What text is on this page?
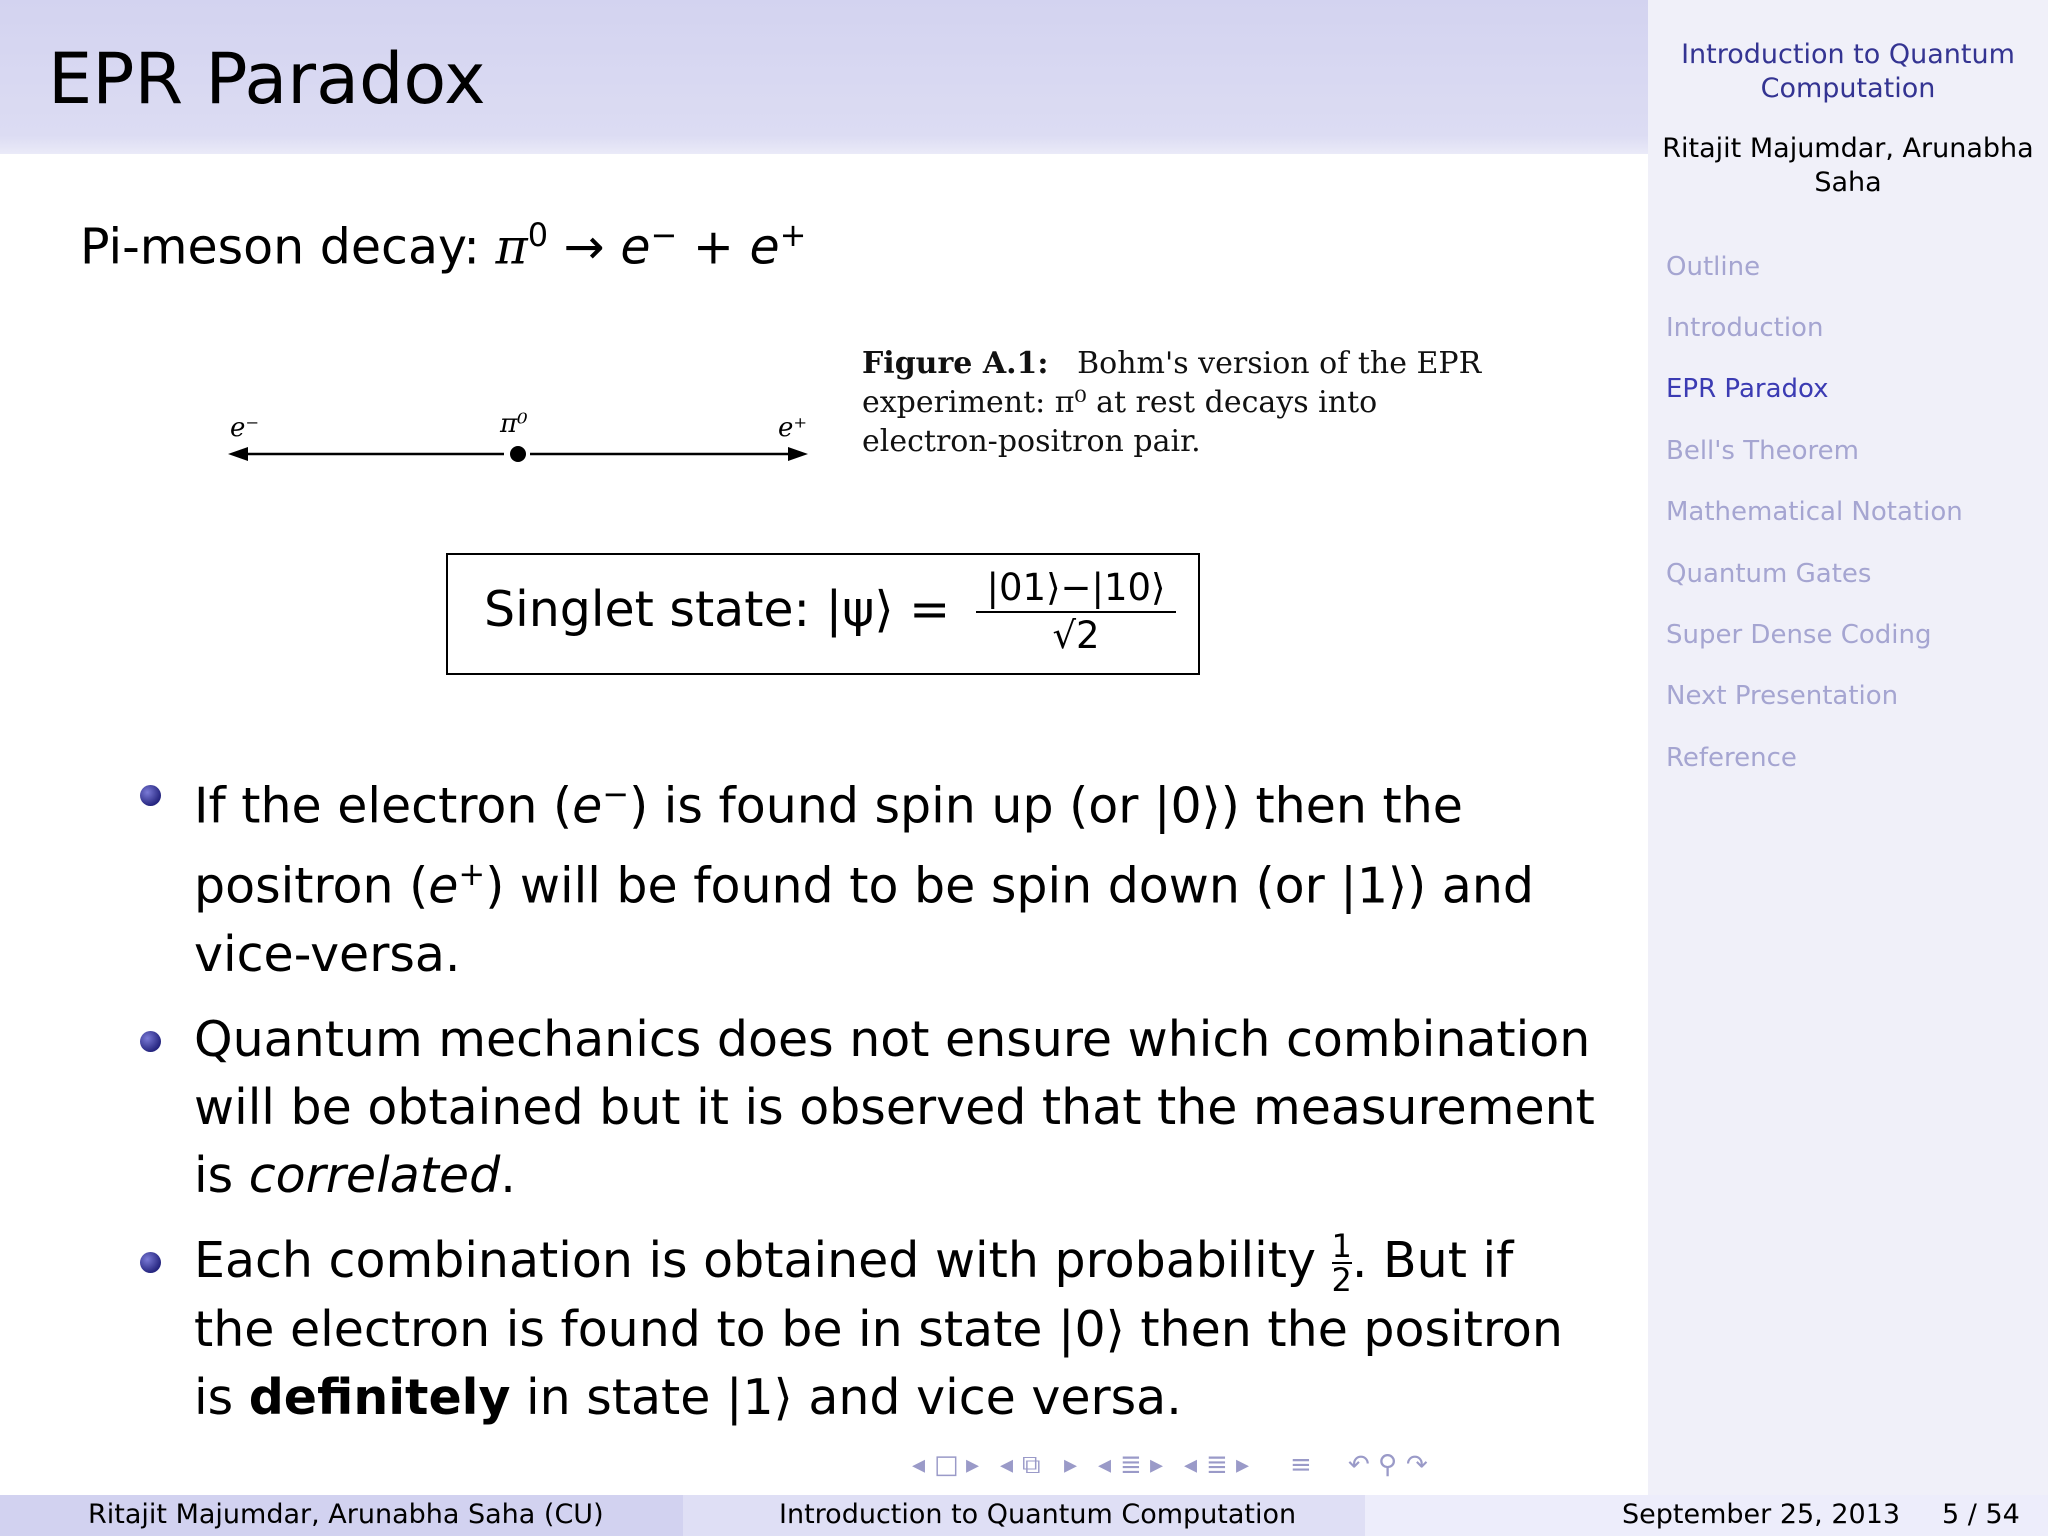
EPR Paradox	Introduction to Quantum Computation
Ritajit Majumdar, Arunabha Saha
Outline
Introduction
EPR Paradox
Bell's Theorem
Mathematical Notation
Quantum Gates
Super Dense Coding
Next Presentation
Reference
Pi-meson decay: $\pi^0 \to e^- + e^+$
e⁻	π⁰	e⁺
Figure A.1: Bohm's version of the EPR
experiment: π⁰ at rest decays into
electron-positron pair.
Singlet state: |ψ⟩ = $\frac{|01⟩-|10⟩}{√2}$
If the electron (e−) is found spin up (or |0⟩) then the positron (e+) will be found to be spin down (or |1⟩) and vice-versa.
Quantum mechanics does not ensure which combination will be obtained but it is observed that the measurement is correlated.
Each combination is obtained with probability $\frac{1}{2}$ . But if the electron is found to be in state |0⟩ then the positron is definitely in state |1⟩ and vice versa.
◂ □ ▸ ◂ ⧉ ▸ ◂ ≣ ▸ ◂ ≣ ▸ ≡ ↶ ⚲ ↷
Ritajit Majumdar, Arunabha Saha (CU)	Introduction to Quantum Computation	September 25, 2013 5 / 54
